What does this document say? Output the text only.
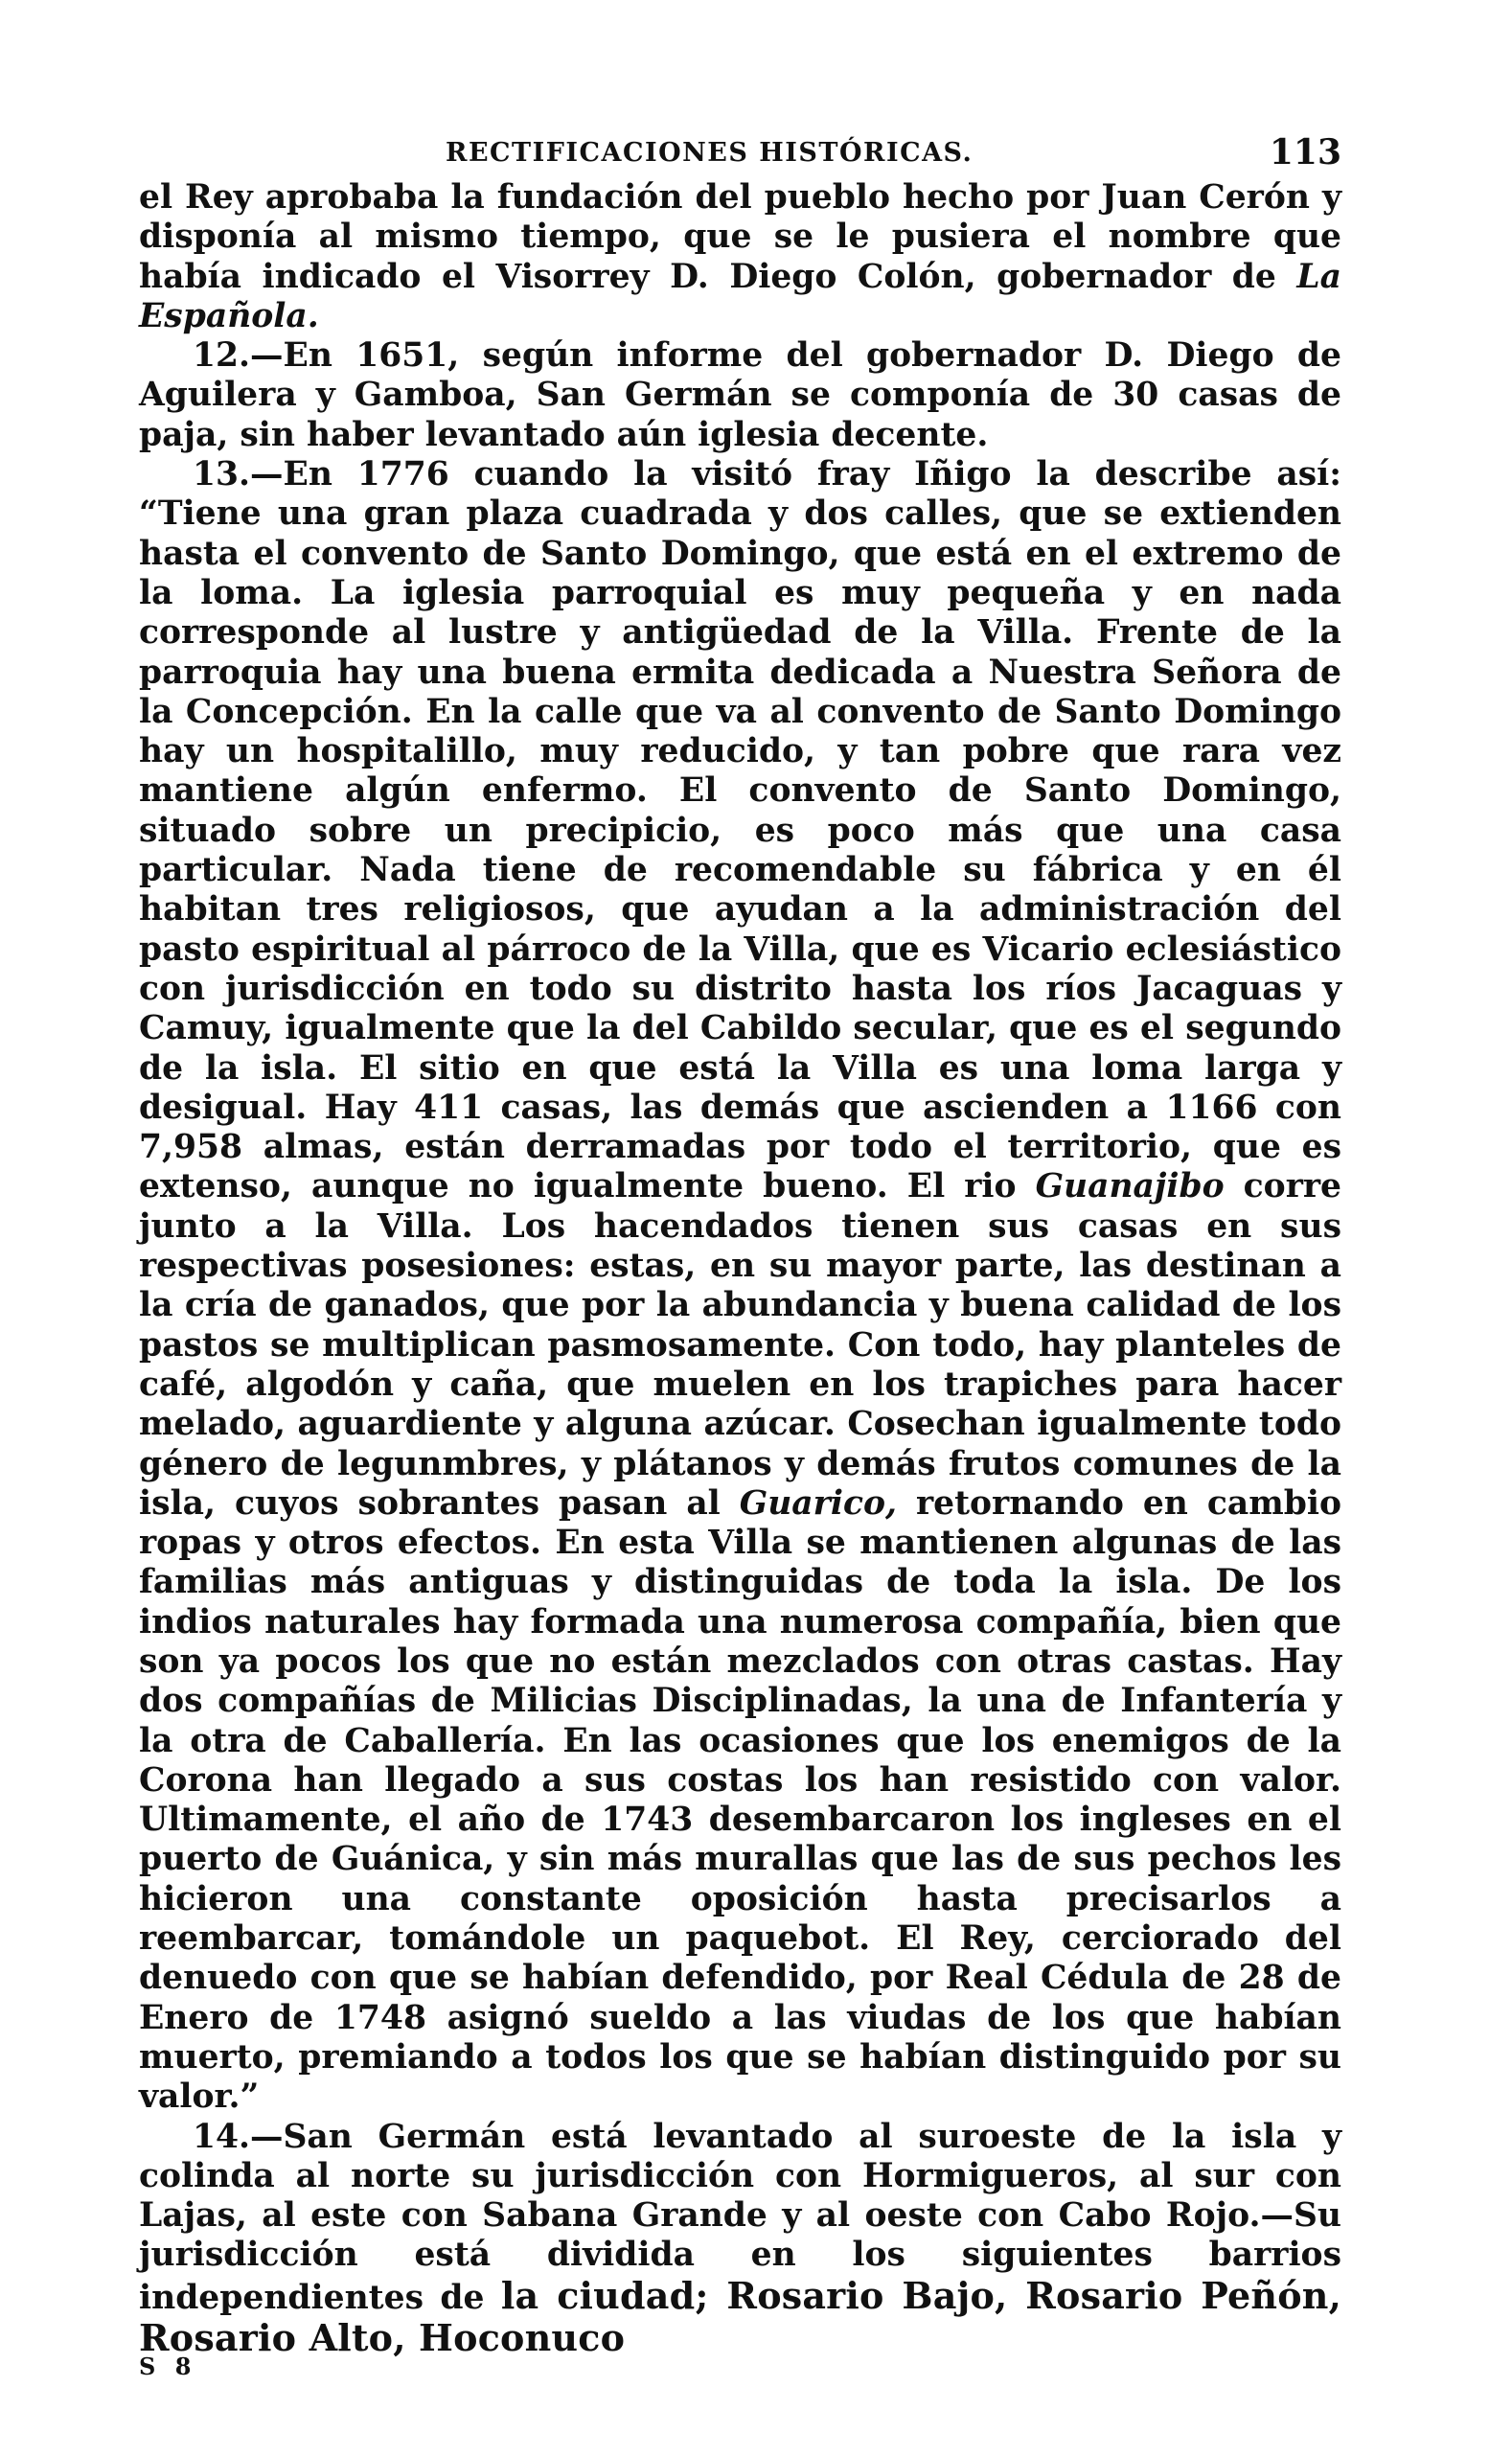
RECTIFICACIONES HISTÓRICAS.	113

el Rey aprobaba la fundación del pueblo hecho por Juan Cerón y disponía al mismo tiempo, que se le pusiera el nombre que había indicado el Visorrey D. Diego Colón, gobernador de La Española.

12.—En 1651, según informe del gobernador D. Diego de Aguilera y Gamboa, San Germán se componía de 30 casas de paja, sin haber levantado aún iglesia decente.

13.—En 1776 cuando la visitó fray Iñigo la describe así: “Tiene una gran plaza cuadrada y dos calles, que se extienden hasta el convento de Santo Domingo, que está en el extremo de la loma. La iglesia parroquial es muy pequeña y en nada corresponde al lustre y antigüedad de la Villa. Frente de la parroquia hay una buena ermita dedicada a Nuestra Señora de la Concepción. En la calle que va al convento de Santo Domingo hay un hospitalillo, muy reducido, y tan pobre que rara vez mantiene algún enfermo. El convento de Santo Domingo, situado sobre un precipicio, es poco más que una casa particular. Nada tiene de recomendable su fábrica y en él habitan tres religiosos, que ayudan a la administración del pasto espiritual al párroco de la Villa, que es Vicario eclesiástico con jurisdicción en todo su distrito hasta los ríos Jacaguas y Camuy, igualmente que la del Cabildo secular, que es el segundo de la isla. El sitio en que está la Villa es una loma larga y desigual. Hay 411 casas, las demás que ascienden a 1166 con 7,958 almas, están derramadas por todo el territorio, que es extenso, aunque no igualmente bueno. El rio Guanajibo corre junto a la Villa. Los hacendados tienen sus casas en sus respectivas posesiones: estas, en su mayor parte, las destinan a la cría de ganados, que por la abundancia y buena calidad de los pastos se multiplican pasmosamente. Con todo, hay planteles de café, algodón y caña, que muelen en los trapiches para hacer melado, aguardiente y alguna azúcar. Cosechan igualmente todo género de legunmbres, y plátanos y demás frutos comunes de la isla, cuyos sobrantes pasan al Guarico, retornando en cambio ropas y otros efectos. En esta Villa se mantienen algunas de las familias más antiguas y distinguidas de toda la isla. De los indios naturales hay formada una numerosa compañía, bien que son ya pocos los que no están mezclados con otras castas. Hay dos compañías de Milicias Disciplinadas, la una de Infantería y la otra de Caballería. En las ocasiones que los enemigos de la Corona han llegado a sus costas los han resistido con valor. Ultimamente, el año de 1743 desembarcaron los ingleses en el puerto de Guánica, y sin más murallas que las de sus pechos les hicieron una constante oposición hasta precisarlos a reembarcar, tomándole un paquebot. El Rey, cerciorado del denuedo con que se habían defendido, por Real Cédula de 28 de Enero de 1748 asignó sueldo a las viudas de los que habían muerto, premiando a todos los que se habían distinguido por su valor.”

14.—San Germán está levantado al suroeste de la isla y colinda al norte su jurisdicción con Hormigueros, al sur con Lajas, al este con Sabana Grande y al oeste con Cabo Rojo.—Su jurisdicción está dividida en los siguientes barrios independientes de la ciudad; Rosario Bajo, Rosario Peñón, Rosario Alto, Hoconuco

S 8
